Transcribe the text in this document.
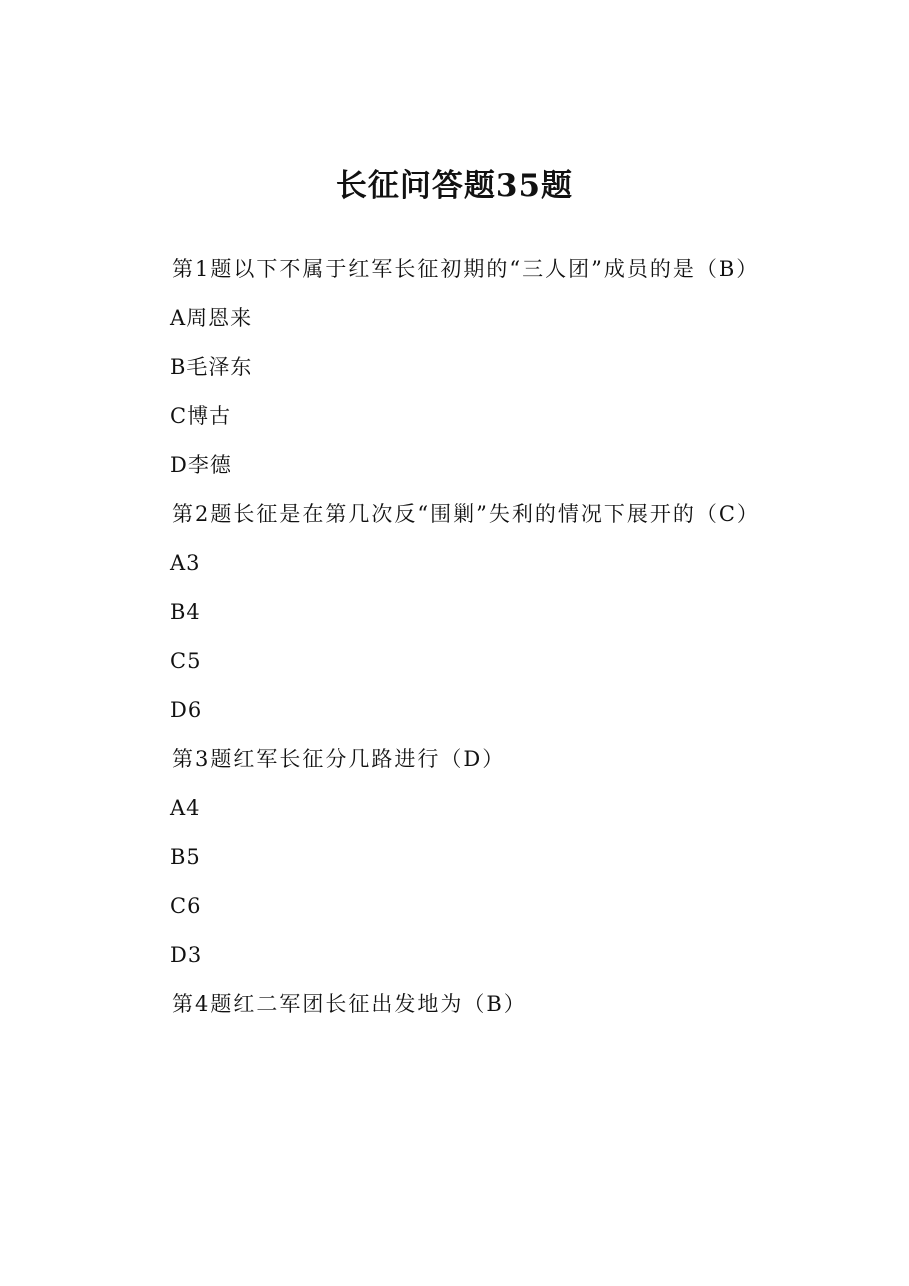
长征问答题35题
第1题以下不属于红军长征初期的“三人团”成员的是（B）
A周恩来
B毛泽东
C博古
D李德
第2题长征是在第几次反“围剿”失利的情况下展开的（C）
A3
B4
C5
D6
第3题红军长征分几路进行（D）
A4
B5
C6
D3
第4题红二军团长征出发地为（B）
